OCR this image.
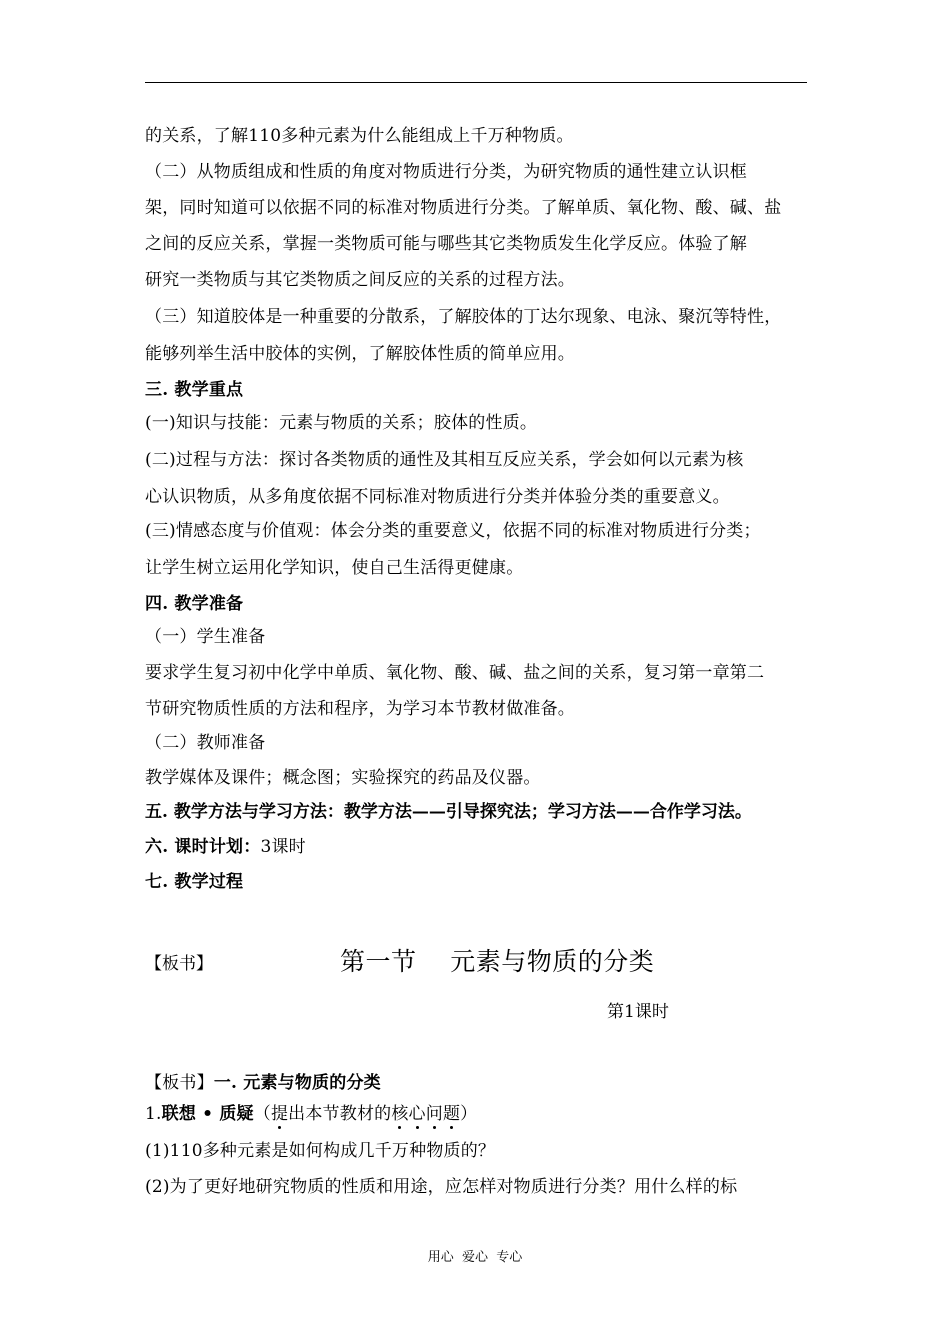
的关系，了解110多种元素为什么能组成上千万种物质。
（二）从物质组成和性质的角度对物质进行分类，为研究物质的通性建立认识框
架，同时知道可以依据不同的标准对物质进行分类。了解单质、氧化物、酸、碱、盐
之间的反应关系，掌握一类物质可能与哪些其它类物质发生化学反应。体验了解
研究一类物质与其它类物质之间反应的关系的过程方法。
（三）知道胶体是一种重要的分散系，了解胶体的丁达尔现象、电泳、聚沉等特性，
能够列举生活中胶体的实例，了解胶体性质的简单应用。
三. 教学重点
(一)知识与技能：元素与物质的关系；胶体的性质。
(二)过程与方法：探讨各类物质的通性及其相互反应关系，学会如何以元素为核
心认识物质，从多角度依据不同标准对物质进行分类并体验分类的重要意义。
(三)情感态度与价值观：体会分类的重要意义，依据不同的标准对物质进行分类；
让学生树立运用化学知识，使自己生活得更健康。
四. 教学准备
（一）学生准备
要求学生复习初中化学中单质、氧化物、酸、碱、盐之间的关系，复习第一章第二
节研究物质性质的方法和程序，为学习本节教材做准备。
（二）教师准备
教学媒体及课件；概念图；实验探究的药品及仪器。
五. 教学方法与学习方法：教学方法——引导探究法；学习方法——合作学习法。
六. 课时计划：3课时
七. 教学过程
【板书】	第一节    元素与物质的分类
第1课时
【板书】一. 元素与物质的分类
1.联想 • 质疑（提出本节教材的核心问题）
(1)110多种元素是如何构成几千万种物质的？
(2)为了更好地研究物质的性质和用途，应怎样对物质进行分类？用什么样的标
用心  爱心  专心
